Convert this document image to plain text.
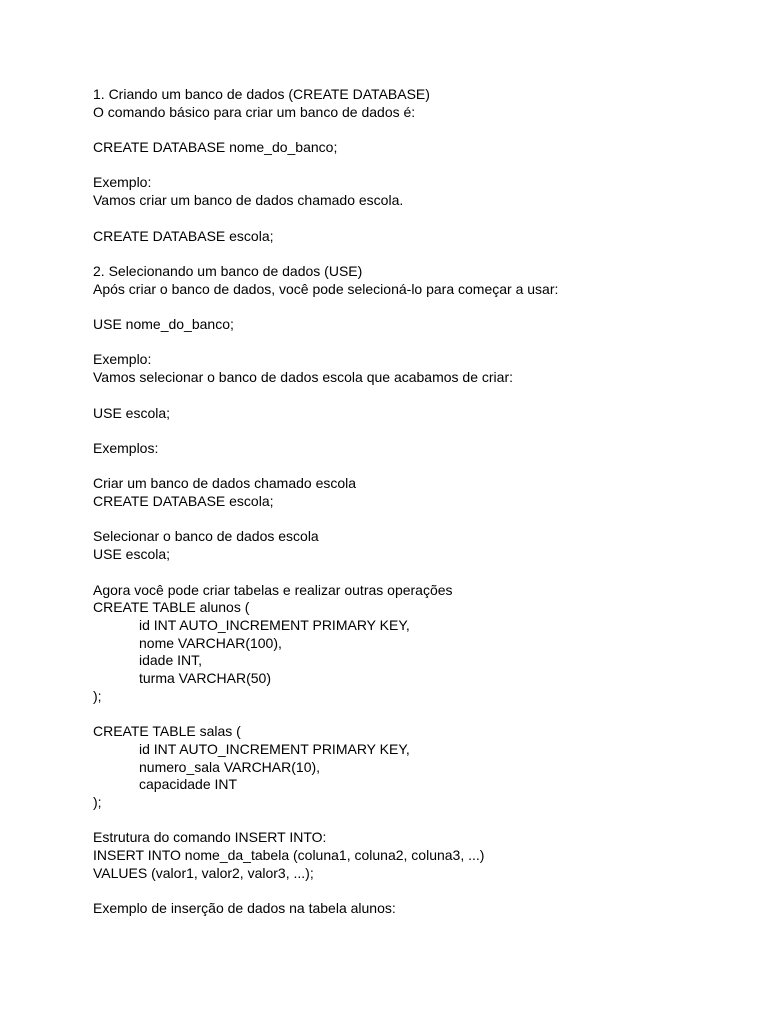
1. Criando um banco de dados (CREATE DATABASE)
O comando básico para criar um banco de dados é:
CREATE DATABASE nome_do_banco;
Exemplo:
Vamos criar um banco de dados chamado escola.
CREATE DATABASE escola;
2. Selecionando um banco de dados (USE)
Após criar o banco de dados, você pode selecioná-lo para começar a usar:
USE nome_do_banco;
Exemplo:
Vamos selecionar o banco de dados escola que acabamos de criar:
USE escola;
Exemplos:
Criar um banco de dados chamado escola
CREATE DATABASE escola;
Selecionar o banco de dados escola
USE escola;
Agora você pode criar tabelas e realizar outras operações
CREATE TABLE alunos (
id INT AUTO_INCREMENT PRIMARY KEY,
nome VARCHAR(100),
idade INT,
turma VARCHAR(50)
);
CREATE TABLE salas (
id INT AUTO_INCREMENT PRIMARY KEY,
numero_sala VARCHAR(10),
capacidade INT
);
Estrutura do comando INSERT INTO:
INSERT INTO nome_da_tabela (coluna1, coluna2, coluna3, ...)
VALUES (valor1, valor2, valor3, ...);
Exemplo de inserção de dados na tabela alunos:
